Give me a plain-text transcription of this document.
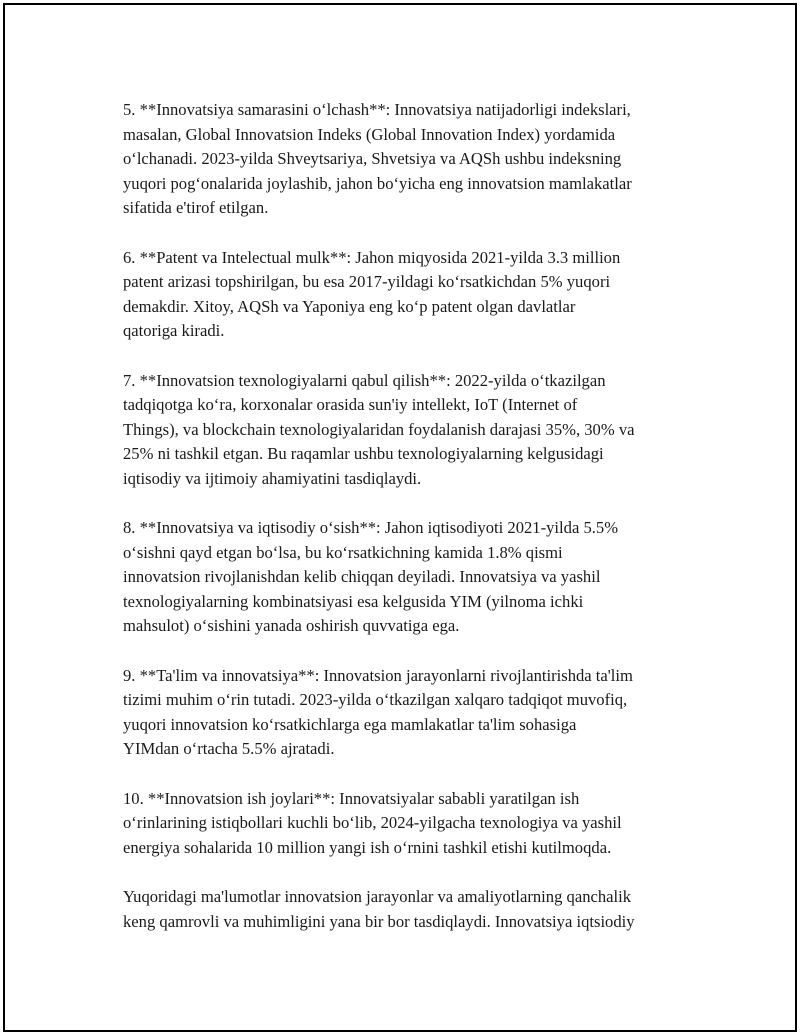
5. **Innovatsiya samarasini oʻlchash**: Innovatsiya natijadorligi indekslari,
masalan, Global Innovatsion Indeks (Global Innovation Index) yordamida
oʻlchanadi. 2023-yilda Shveytsariya, Shvetsiya va AQSh ushbu indeksning
yuqori pogʻonalarida joylashib, jahon boʻyicha eng innovatsion mamlakatlar
sifatida e'tirof etilgan.

6. **Patent va Intelectual mulk**: Jahon miqyosida 2021-yilda 3.3 million
patent arizasi topshirilgan, bu esa 2017-yildagi koʻrsatkichdan 5% yuqori
demakdir. Xitoy, AQSh va Yaponiya eng koʻp patent olgan davlatlar
qatoriga kiradi.

7. **Innovatsion texnologiyalarni qabul qilish**: 2022-yilda oʻtkazilgan
tadqiqotga koʻra, korxonalar orasida sun'iy intellekt, IoT (Internet of
Things), va blockchain texnologiyalaridan foydalanish darajasi 35%, 30% va
25% ni tashkil etgan. Bu raqamlar ushbu texnologiyalarning kelgusidagi
iqtisodiy va ijtimoiy ahamiyatini tasdiqlaydi.

8. **Innovatsiya va iqtisodiy oʻsish**: Jahon iqtisodiyoti 2021-yilda 5.5%
oʻsishni qayd etgan boʻlsa, bu koʻrsatkichning kamida 1.8% qismi
innovatsion rivojlanishdan kelib chiqqan deyiladi. Innovatsiya va yashil
texnologiyalarning kombinatsiyasi esa kelgusida YIM (yilnoma ichki
mahsulot) oʻsishini yanada oshirish quvvatiga ega.

9. **Ta'lim va innovatsiya**: Innovatsion jarayonlarni rivojlantirishda ta'lim
tizimi muhim oʻrin tutadi. 2023-yilda oʻtkazilgan xalqaro tadqiqot muvofiq,
yuqori innovatsion koʻrsatkichlarga ega mamlakatlar ta'lim sohasiga
YIMdan oʻrtacha 5.5% ajratadi.

10. **Innovatsion ish joylari**: Innovatsiyalar sababli yaratilgan ish
oʻrinlarining istiqbollari kuchli boʻlib, 2024-yilgacha texnologiya va yashil
energiya sohalarida 10 million yangi ish oʻrnini tashkil etishi kutilmoqda.

Yuqoridagi ma'lumotlar innovatsion jarayonlar va amaliyotlarning qanchalik
keng qamrovli va muhimligini yana bir bor tasdiqlaydi. Innovatsiya iqtsiodiy
